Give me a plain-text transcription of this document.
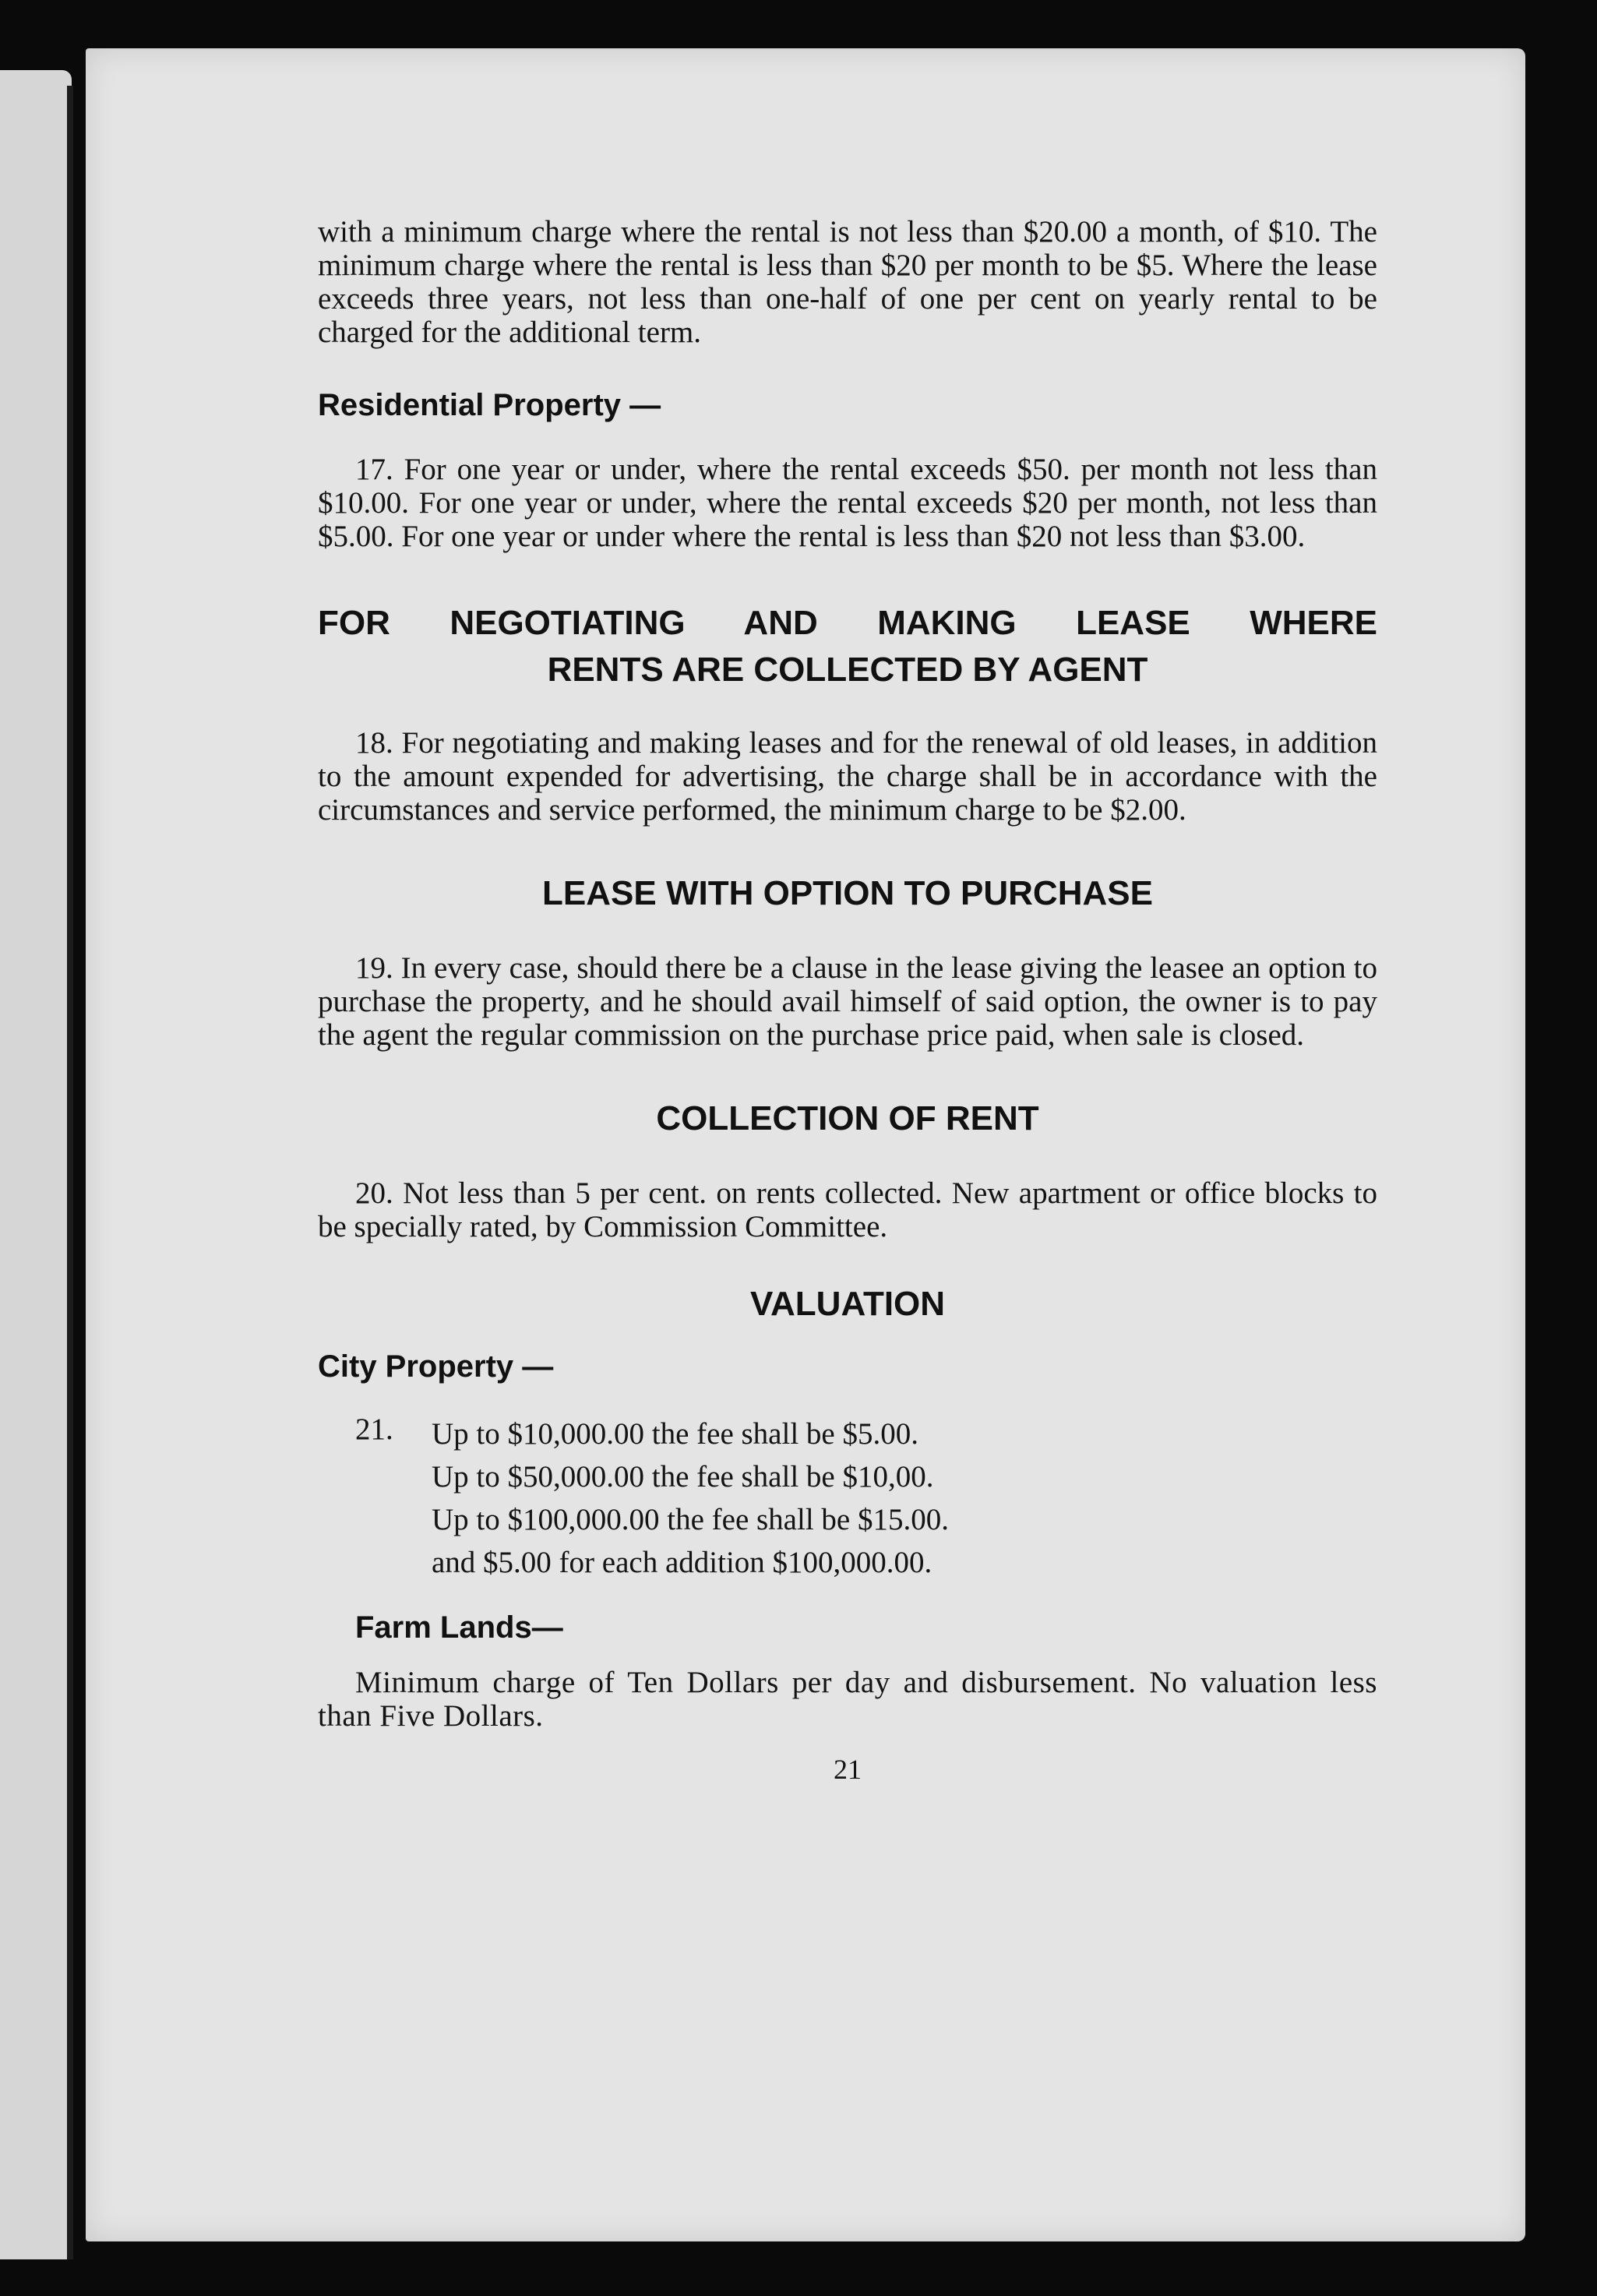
with a minimum charge where the rental is not less than $20.00 a month, of $10. The minimum charge where the rental is less than $20 per month to be $5. Where the lease exceeds three years, not less than one-half of one per cent on yearly rental to be charged for the additional term.

Residential Property —

17. For one year or under, where the rental exceeds $50. per month not less than $10.00. For one year or under, where the rental exceeds $20 per month, not less than $5.00. For one year or under where the rental is less than $20 not less than $3.00.

FOR NEGOTIATING AND MAKING LEASE WHERE

RENTS ARE COLLECTED BY AGENT

18. For negotiating and making leases and for the renewal of old leases, in addition to the amount expended for advertising, the charge shall be in accordance with the circumstances and service performed, the minimum charge to be $2.00.

LEASE WITH OPTION TO PURCHASE

19. In every case, should there be a clause in the lease giving the leasee an option to purchase the property, and he should avail himself of said option, the owner is to pay the agent the regular commission on the purchase price paid, when sale is closed.

COLLECTION OF RENT

20. Not less than 5 per cent. on rents collected. New apartment or office blocks to be specially rated, by Commission Committee.

VALUATION

City Property —

21. Up to $10,000.00 the fee shall be $5.00.
Up to $50,000.00 the fee shall be $10,00.
Up to $100,000.00 the fee shall be $15.00.
and $5.00 for each addition $100,000.00.

Farm Lands—

Minimum charge of Ten Dollars per day and disbursement. No valuation less than Five Dollars.

21
